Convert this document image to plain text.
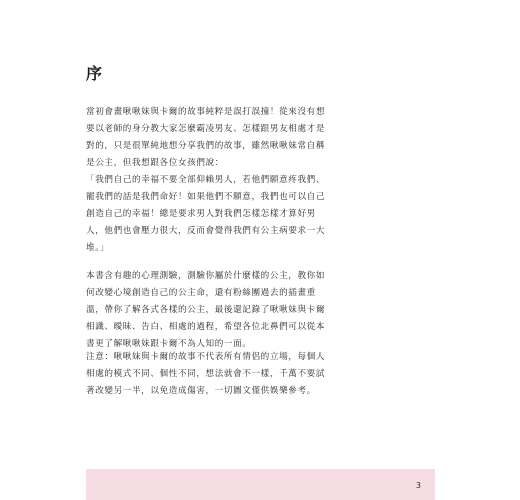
序
當初會畫啾啾妹與卡爾的故事純粹是誤打誤撞！從來沒有想
要以老師的身分教大家怎麼霸凌男友、怎樣跟男友相處才是
對的，只是很單純地想分享我們的故事，雖然啾啾妹常自稱
是公主，但我想跟各位女孩們說：
「我們自己的幸福不要全部仰賴男人，若他們願意疼我們、
寵我們的話是我們命好！如果他們不願意，我們也可以自己
創造自己的幸福！總是要求男人對我們怎樣怎樣才算好男
人，他們也會壓力很大，反而會覺得我們有公主病要求一大
堆。」
本書含有趣的心理測驗，測驗你屬於什麼樣的公主，教你如
何改變心境創造自己的公主命，還有粉絲團過去的插畫重
溫，帶你了解各式各樣的公主，最後還記錄了啾啾妹與卡爾
相識、曖昧、告白、相處的過程，希望各位北鼻們可以從本
書更了解啾啾妹跟卡爾不為人知的一面。
注意：啾啾妹與卡爾的故事不代表所有情侶的立場，每個人
相處的模式不同、個性不同，想法就會不一樣，千萬不要試
著改變另一半，以免造成傷害，一切圖文僅供娛樂參考。
3
